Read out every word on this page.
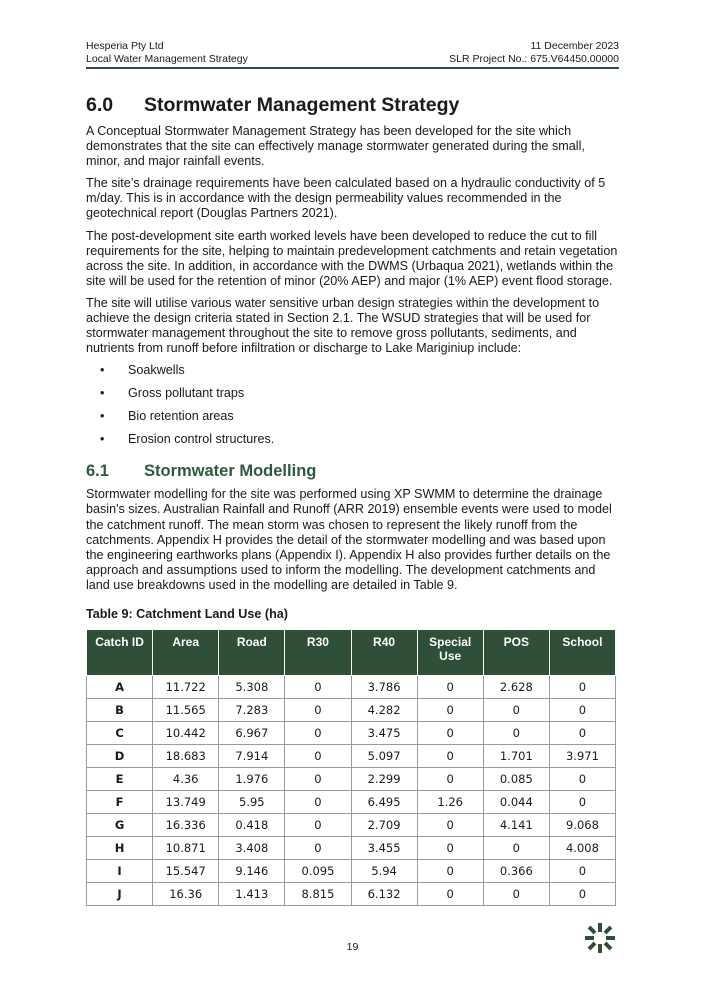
Hesperia Pty Ltd
Local Water Management Strategy
11 December 2023
SLR Project No.: 675.V64450.00000
6.0	Stormwater Management Strategy

A Conceptual Stormwater Management Strategy has been developed for the site which demonstrates that the site can effectively manage stormwater generated during the small, minor, and major rainfall events.

The site’s drainage requirements have been calculated based on a hydraulic conductivity of 5 m/day. This is in accordance with the design permeability values recommended in the geotechnical report (Douglas Partners 2021).

The post-development site earth worked levels have been developed to reduce the cut to fill requirements for the site, helping to maintain predevelopment catchments and retain vegetation across the site. In addition, in accordance with the DWMS (Urbaqua 2021), wetlands within the site will be used for the retention of minor (20% AEP) and major (1% AEP) event flood storage.

The site will utilise various water sensitive urban design strategies within the development to achieve the design criteria stated in Section 2.1. The WSUD strategies that will be used for stormwater management throughout the site to remove gross pollutants, sediments, and nutrients from runoff before infiltration or discharge to Lake Mariginiup include:

• Soakwells
• Gross pollutant traps
• Bio retention areas
• Erosion control structures.
6.1	Stormwater Modelling

Stormwater modelling for the site was performed using XP SWMM to determine the drainage basin's sizes. Australian Rainfall and Runoff (ARR 2019) ensemble events were used to model the catchment runoff. The mean storm was chosen to represent the likely runoff from the catchments. Appendix H provides the detail of the stormwater modelling and was based upon the engineering earthworks plans (Appendix I). Appendix H also provides further details on the approach and assumptions used to inform the modelling. The development catchments and land use breakdowns used in the modelling are detailed in Table 9.

Table 9: Catchment Land Use (ha)
Catch ID	Area	Road	R30	R40	Special Use	POS	School
A	11.722	5.308	0	3.786	0	2.628	0
B	11.565	7.283	0	4.282	0	0	0
C	10.442	6.967	0	3.475	0	0	0
D	18.683	7.914	0	5.097	0	1.701	3.971
E	4.36	1.976	0	2.299	0	0.085	0
F	13.749	5.95	0	6.495	1.26	0.044	0
G	16.336	0.418	0	2.709	0	4.141	9.068
H	10.871	3.408	0	3.455	0	0	4.008
I	15.547	9.146	0.095	5.94	0	0.366	0
J	16.36	1.413	8.815	6.132	0	0	0
19
